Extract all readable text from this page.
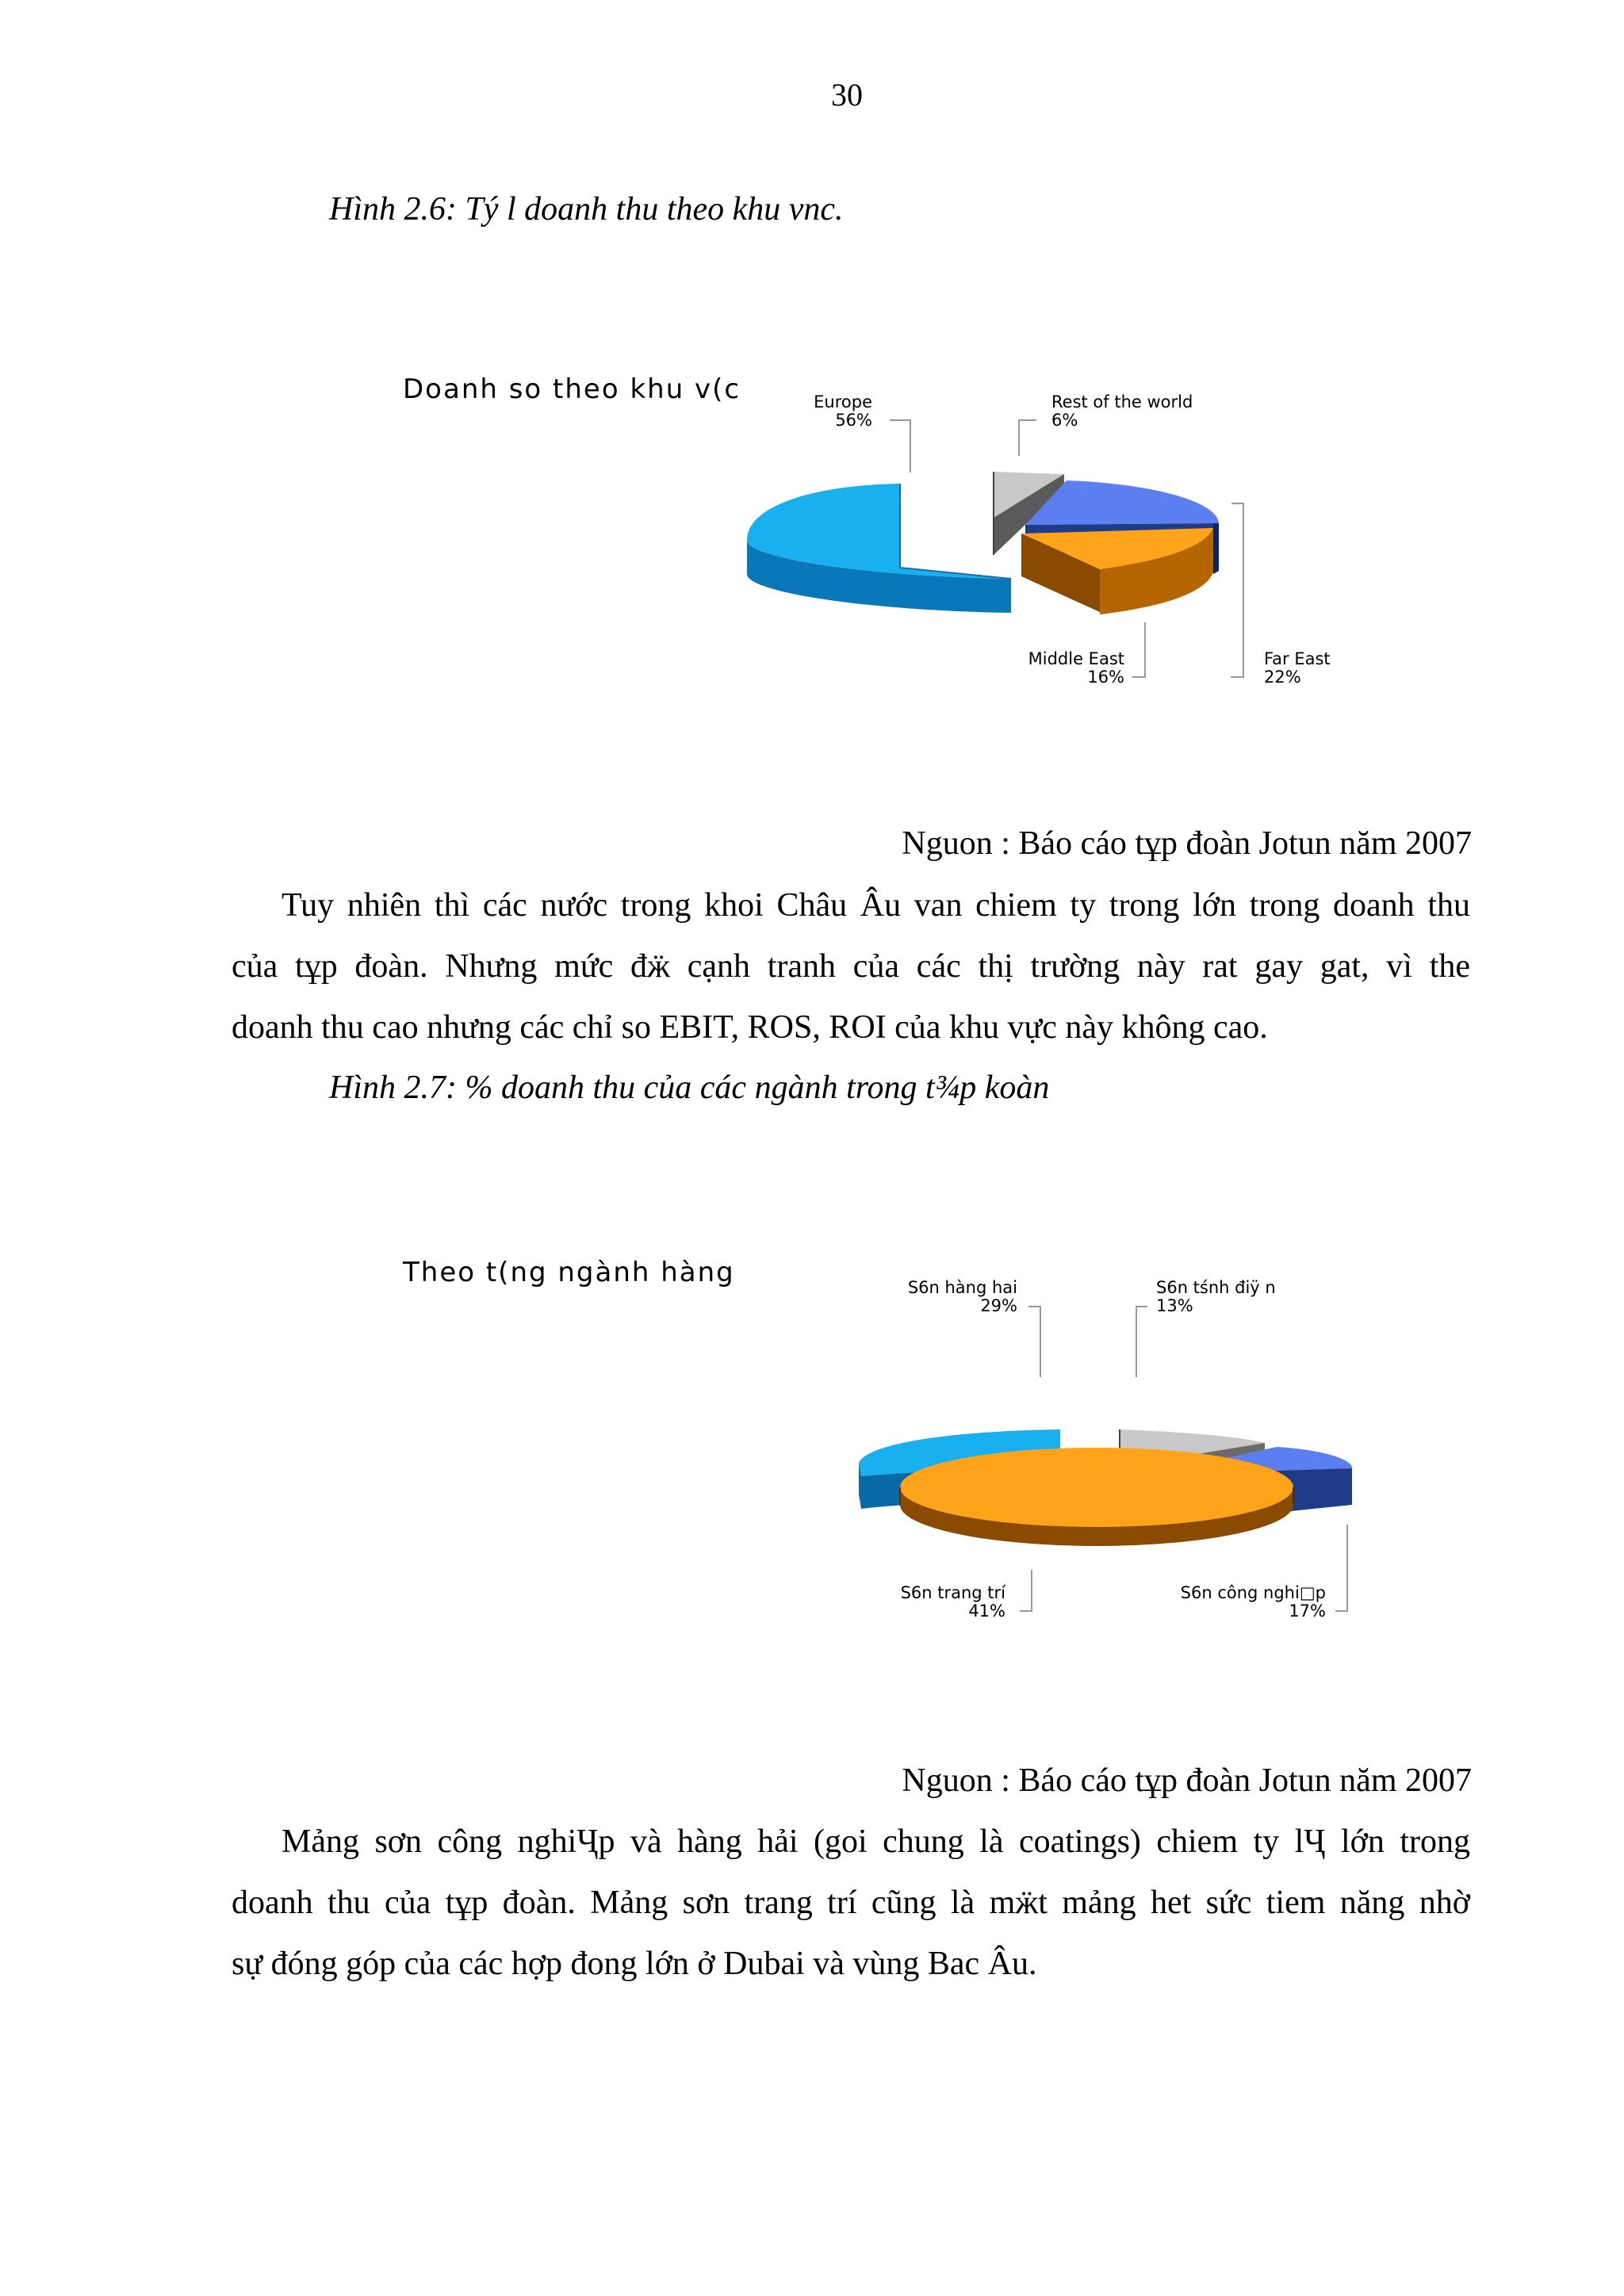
30
Hình 2.6: Tý l doanh thu theo khu vnc.
Doanh so theo khu v(c	Europe
56%
Rest of the world
6%
Middle East
16%
Far East
22%
Theo t(ng ngành hàng	S6n hàng hai
29%
S6n tśnh điÿ n
13%
S6n trang trí
41%
S6n công nghi□p
17%
Nguon : Báo cáo tұp đoàn Jotun năm 2007
Tuy nhiên thì các nước trong khoi Châu Âu van chiem ty trong lớn trong doanh thu
của tұp đoàn. Nhưng mức đӝ cạnh tranh của các thị trường này rat gay gat, vì the
doanh thu cao nhưng các chỉ so EBIT, ROS, ROI của khu vực này không cao.
Hình 2.7: % doanh thu của các ngành trong t¾p koàn
Nguon : Báo cáo tұp đoàn Jotun năm 2007
Mảng sơn công nghiҶp và hàng hải (goi chung là coatings) chiem ty lҶ lớn trong
doanh thu của tұp đoàn. Mảng sơn trang trí cũng là mӝt mảng het sức tiem năng nhờ
sự đóng góp của các hợp đong lớn ở Dubai và vùng Bac Âu.
